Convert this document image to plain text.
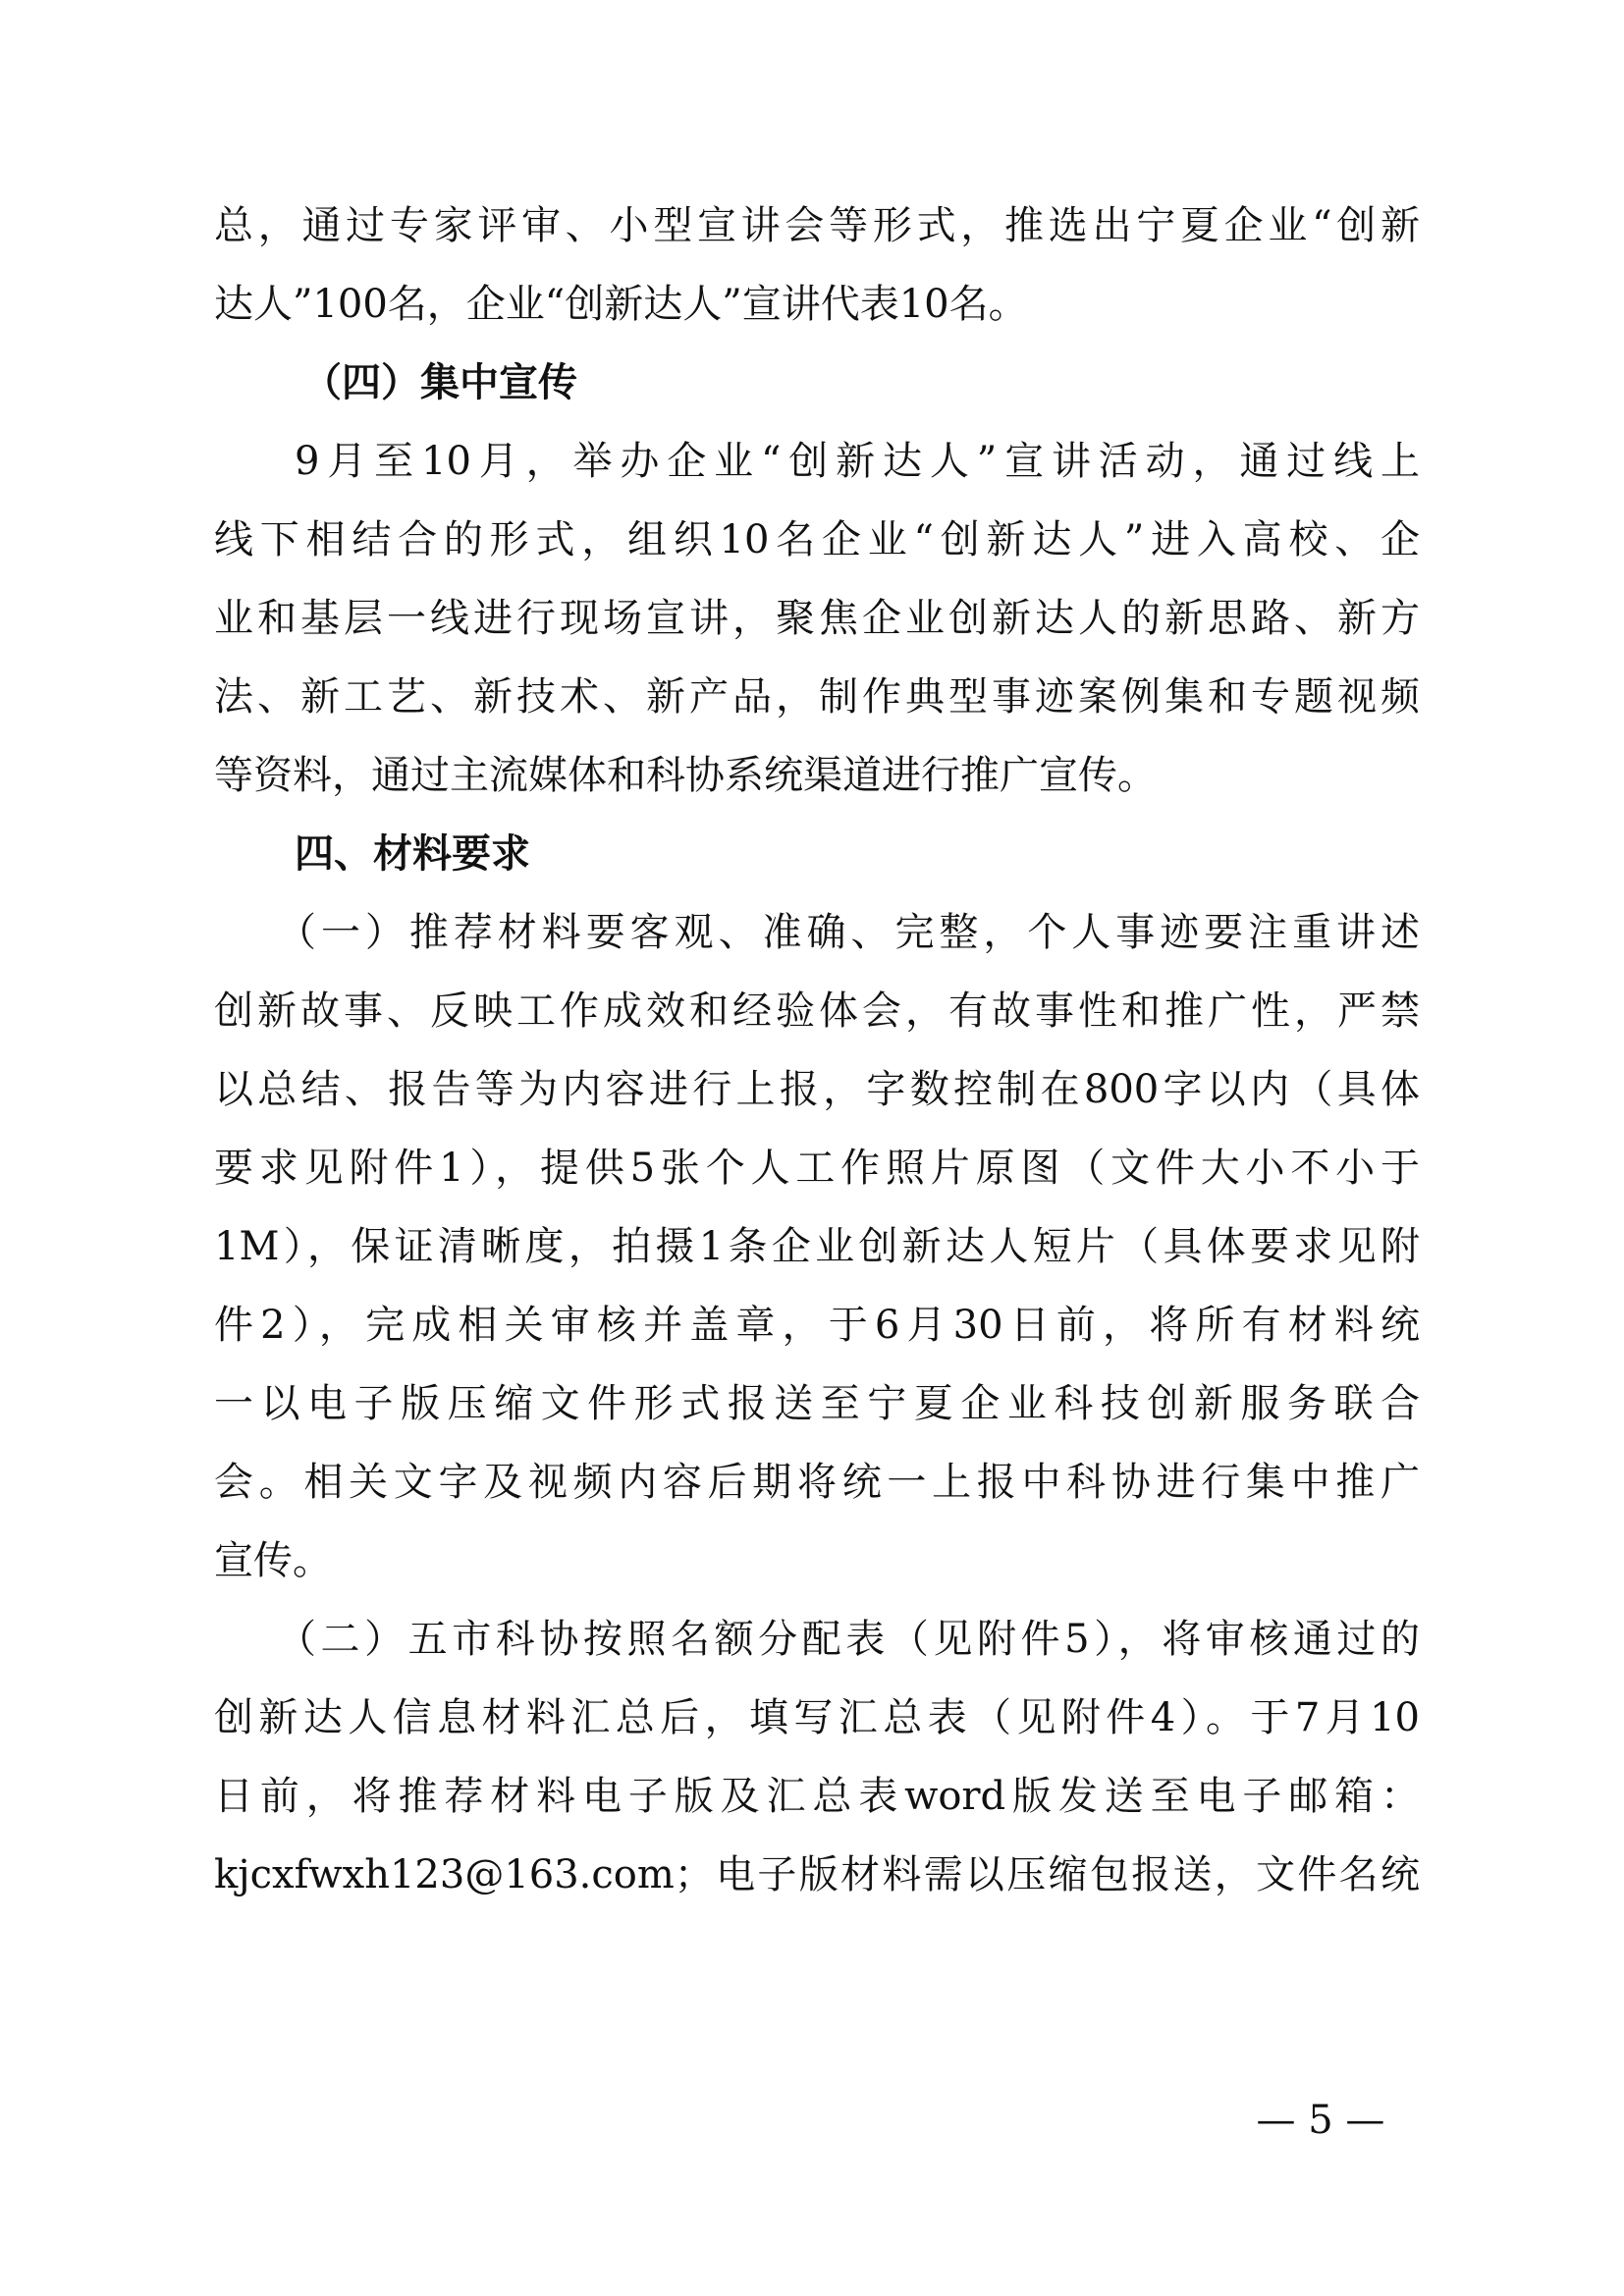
总，通过专家评审、小型宣讲会等形式，推选出宁夏企业“创新
达人”100名，企业“创新达人”宣讲代表10名。
（四）集中宣传
9月至10月，举办企业“创新达人”宣讲活动，通过线上
线下相结合的形式，组织10名企业“创新达人”进入高校、企
业和基层一线进行现场宣讲，聚焦企业创新达人的新思路、新方
法、新工艺、新技术、新产品，制作典型事迹案例集和专题视频
等资料，通过主流媒体和科协系统渠道进行推广宣传。
四、材料要求
（一）推荐材料要客观、准确、完整，个人事迹要注重讲述
创新故事、反映工作成效和经验体会，有故事性和推广性，严禁
以总结、报告等为内容进行上报，字数控制在800字以内（具体
要求见附件1），提供5张个人工作照片原图（文件大小不小于
1M），保证清晰度，拍摄1条企业创新达人短片（具体要求见附
件2），完成相关审核并盖章，于6月30日前，将所有材料统
一以电子版压缩文件形式报送至宁夏企业科技创新服务联合
会。相关文字及视频内容后期将统一上报中科协进行集中推广
宣传。
（二）五市科协按照名额分配表（见附件5），将审核通过的
创新达人信息材料汇总后，填写汇总表（见附件4）。于7月10
日前，将推荐材料电子版及汇总表word版发送至电子邮箱：
kjcxfwxh123@163.com；电子版材料需以压缩包报送，文件名统
— 5 —
